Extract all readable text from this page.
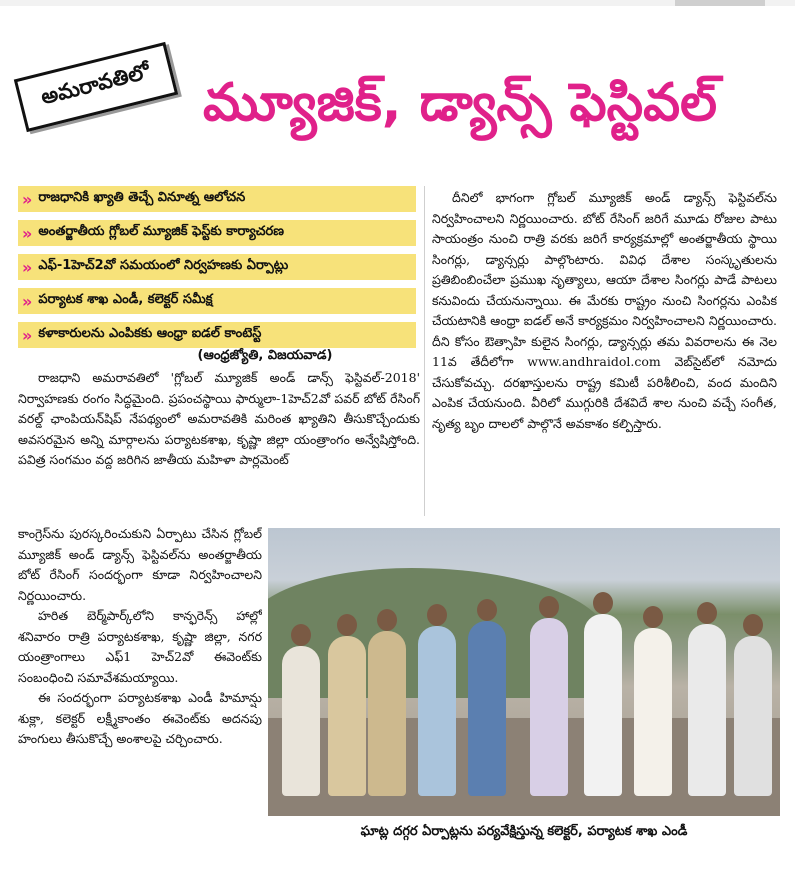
అమరావతిలో మ్యూజిక్, డ్యాన్స్ ఫెస్టివల్
» రాజధానికి ఖ్యాతి తెచ్చే వినూత్న ఆలోచన
» అంతర్జాతీయ గ్లోబల్ మ్యూజిక్ ఫెస్ట్‌కు కార్యాచరణ
» ఎఫ్-1హెచ్2వో సమయంలో నిర్వహణకు ఏర్పాట్లు
» పర్యాటక శాఖ ఎండీ, కలెక్టర్ సమీక్ష
» కళాకారులను ఎంపికకు ఆంధ్రా ఐడల్ కాంటెస్ట్
(ఆంధ్రజ్యోతి, విజయవాడ)

రాజధాని అమరావతిలో 'గ్లోబల్ మ్యూజిక్ అండ్ డాన్స్ ఫెస్టివల్-2018' నిర్వాహణకు రంగం సిద్ధమైంది. ప్రపంచస్థాయి ఫార్ములా-1హెచ్2వో పవర్ బోట్ రేసింగ్ వరల్డ్ ఛాంపియన్‌షిప్ నేపథ్యంలో అమరావతికి మరింత ఖ్యాతిని తీసుకొచ్చేందుకు అవసరమైన అన్ని మార్గాలను పర్యాటకశాఖ, కృష్ణా జిల్లా యంత్రాంగం అన్వేషిస్తోంది. పవిత్ర సంగమం వద్ద జరిగిన జాతీయ మహిళా పార్లమెంట్

దీనిలో భాగంగా గ్లోబల్ మ్యూజిక్ అండ్ డ్యాన్స్ ఫెస్టివల్‌ను నిర్వహించాలని నిర్ణయించారు. బోట్ రేసింగ్ జరిగే మూడు రోజుల పాటు సాయంత్రం నుంచి రాత్రి వరకు జరిగే కార్యక్రమాల్లో అంతర్జాతీయ స్థాయి సింగర్లు, డ్యాన్సర్లు పాల్గొంటారు. వివిధ దేశాల సంస్కృతులను ప్రతిబింబించేలా ప్రముఖ నృత్యాలు, ఆయా దేశాల సింగర్లు పాడే పాటలు కనువిందు చేయనున్నాయి. ఈ మేరకు రాష్ట్రం నుంచి సింగర్లను ఎంపిక చేయటానికి ఆంధ్రా ఐడల్ అనే కార్యక్రమం నిర్వహించాలని నిర్ణయించారు. దీని కోసం ఔత్సాహి కులైన సింగర్లు, డ్యాన్సర్లు తమ వివరాలను ఈ నెల 11వ తేదీలోగా www.andhraidol.com వెబ్‌సైట్‌లో నమోదు చేసుకోవచ్చు. దరఖాస్తులను రాష్ట్ర కమిటీ పరిశీలించి, వంద మందిని ఎంపిక చేయనుంది. వీరిలో ముగ్గురికి దేశవిదే శాల నుంచి వచ్చే సంగీత, నృత్య బృం దాలలో పాల్గొనే అవకాశం కల్పిస్తారు.

కాంగ్రెస్‌ను పురస్కరించుకుని ఏర్పాటు చేసిన గ్లోబల్ మ్యూజిక్ అండ్ డ్యాన్స్ ఫెస్టివల్‌ను అంతర్జాతీయ బోట్ రేసింగ్ సందర్భంగా కూడా నిర్వహించాలని నిర్ణయించారు.

హరిత బెర్మ్‌పార్క్‌లోని కాన్ఫరెన్స్ హాల్లో శనివారం రాత్రి పర్యాటకశాఖ, కృష్ణా జిల్లా, నగర యంత్రాంగాలు ఎఫ్1 హెచ్2వో ఈవెంట్‌కు సంబంధించి సమావేశమయ్యాయి.

ఈ సందర్భంగా పర్యాటకశాఖ ఎండీ హిమాన్షు శుక్లా, కలెక్టర్ లక్ష్మీకాంతం ఈవెంట్‌కు అదనపు హంగులు తీసుకొచ్చే అంశాలపై చర్చించారు.

ఘాట్ల దగ్గర ఏర్పాట్లను పర్యవేక్షిస్తున్న కలెక్టర్, పర్యాటక శాఖ ఎండీ
